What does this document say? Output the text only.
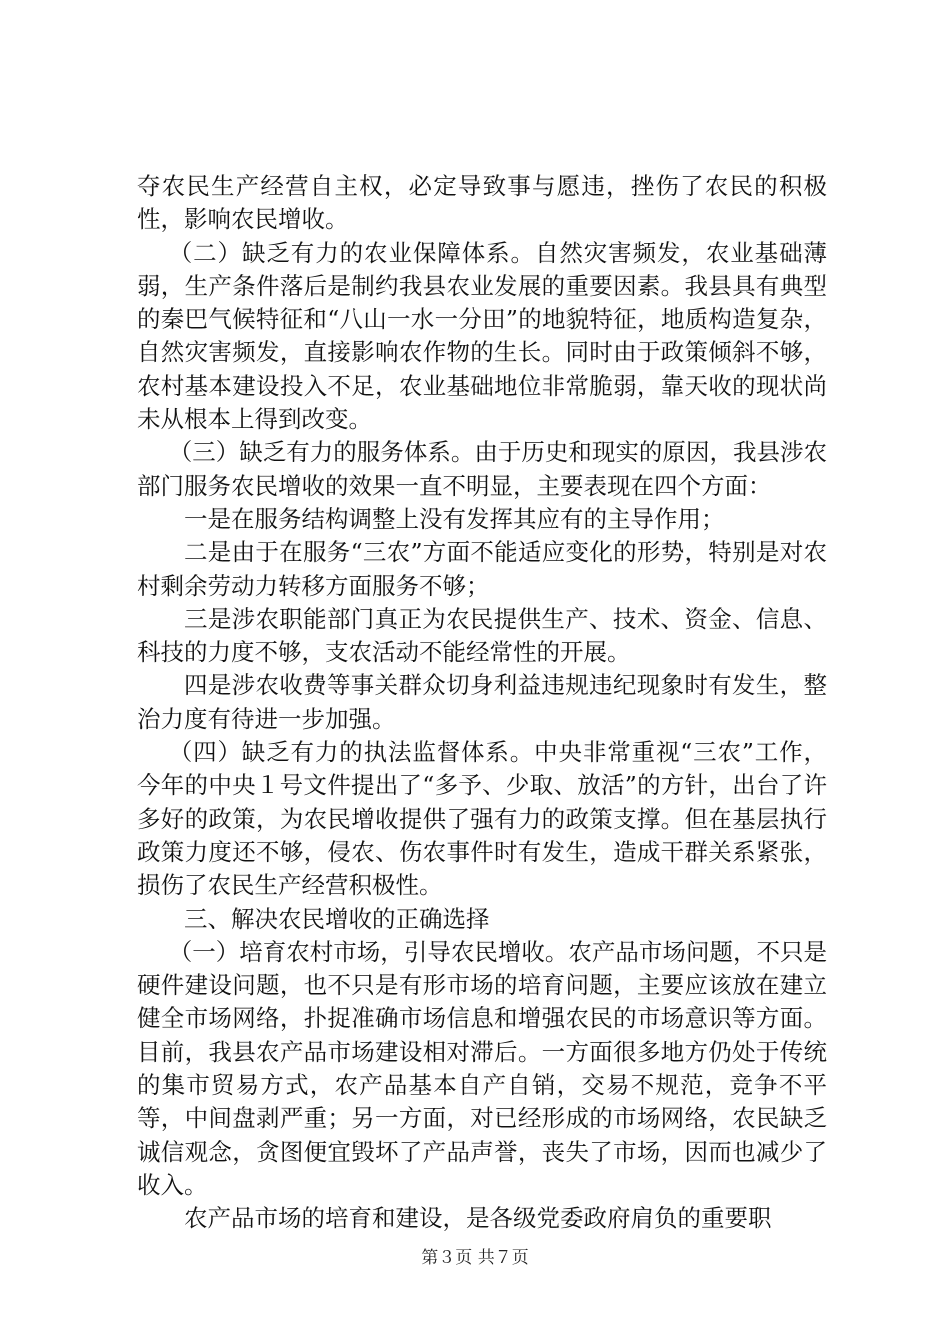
夺农民生产经营自主权，必定导致事与愿违，挫伤了农民的积极性，影响农民增收。

（二）缺乏有力的农业保障体系。自然灾害频发，农业基础薄弱，生产条件落后是制约我县农业发展的重要因素。我县具有典型的秦巴气候特征和“八山一水一分田”的地貌特征，地质构造复杂，自然灾害频发，直接影响农作物的生长。同时由于政策倾斜不够，农村基本建设投入不足，农业基础地位非常脆弱，靠天收的现状尚未从根本上得到改变。

（三）缺乏有力的服务体系。由于历史和现实的原因，我县涉农部门服务农民增收的效果一直不明显，主要表现在四个方面：

一是在服务结构调整上没有发挥其应有的主导作用；

二是由于在服务“三农”方面不能适应变化的形势，特别是对农村剩余劳动力转移方面服务不够；

三是涉农职能部门真正为农民提供生产、技术、资金、信息、科技的力度不够，支农活动不能经常性的开展。

四是涉农收费等事关群众切身利益违规违纪现象时有发生，整治力度有待进一步加强。

（四）缺乏有力的执法监督体系。中央非常重视“三农”工作，今年的中央１号文件提出了“多予、少取、放活”的方针，出台了许多好的政策，为农民增收提供了强有力的政策支撑。但在基层执行政策力度还不够，侵农、伤农事件时有发生，造成干群关系紧张，损伤了农民生产经营积极性。

三、解决农民增收的正确选择

（一）培育农村市场，引导农民增收。农产品市场问题，不只是硬件建设问题，也不只是有形市场的培育问题，主要应该放在建立健全市场网络，扑捉准确市场信息和增强农民的市场意识等方面。目前，我县农产品市场建设相对滞后。一方面很多地方仍处于传统的集市贸易方式，农产品基本自产自销，交易不规范，竞争不平等，中间盘剥严重；另一方面，对已经形成的市场网络，农民缺乏诚信观念，贪图便宜毁坏了产品声誉，丧失了市场，因而也减少了收入。

农产品市场的培育和建设，是各级党委政府肩负的重要职

第３页 共７页
